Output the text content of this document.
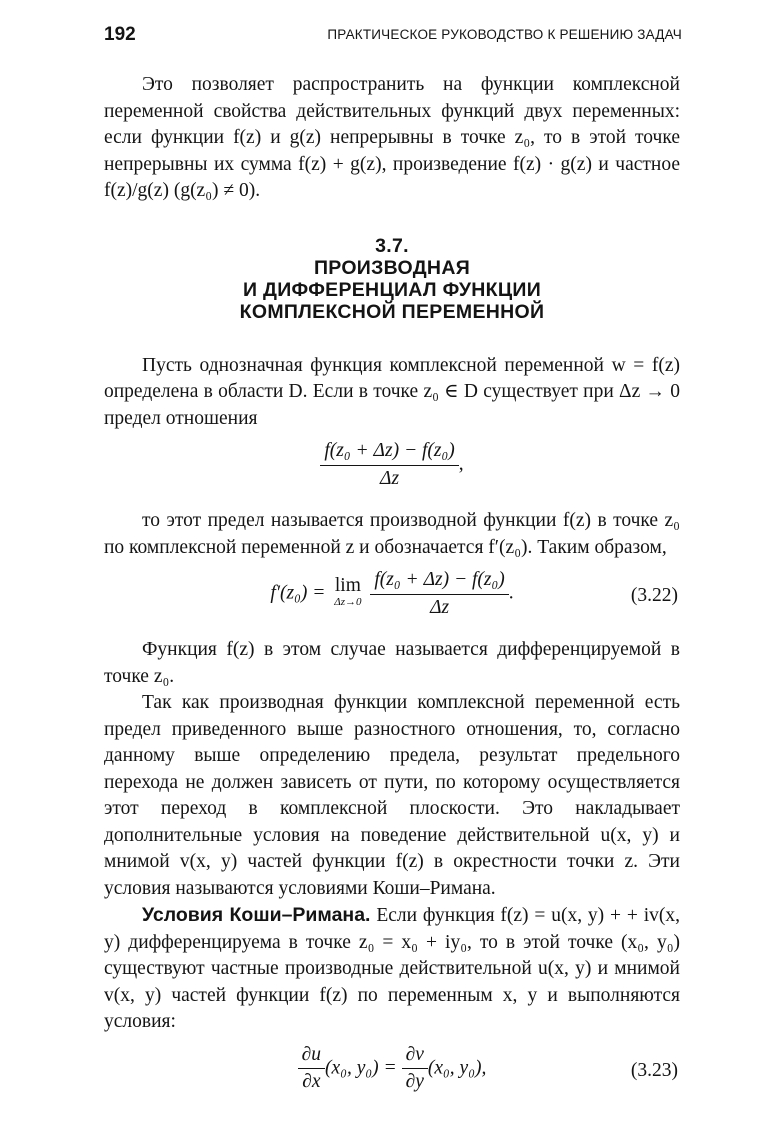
192	ПРАКТИЧЕСКОЕ РУКОВОДСТВО К РЕШЕНИЮ ЗАДАЧ

Это позволяет распространить на функции комплексной переменной свойства действительных функций двух переменных: если функции f(z) и g(z) непрерывны в точке z₀, то в этой точке непрерывны их сумма f(z) + g(z), произведение f(z) · g(z) и частное f(z)/g(z) (g(z₀) ≠ 0).

3.7.
ПРОИЗВОДНАЯ
И ДИФФЕРЕНЦИАЛ ФУНКЦИИ
КОМПЛЕКСНОЙ ПЕРЕМЕННОЙ

Пусть однозначная функция комплексной переменной w = f(z) определена в области D. Если в точке z₀ ∈ D существует при Δz → 0 предел отношения

$\frac{\text{f(z₀ + Δz) − f(z₀)}}{\Delta z}$ ,

то этот предел называется производной функции f(z) в точке z₀ по комплексной переменной z и обозначается f′(z₀). Таким образом,

f′(z₀) = lim
Δz→0
$\frac{\text{f(z₀ + Δz) − f(z₀)}}{\Delta z}$ .	(3.22)

Функция f(z) в этом случае называется дифференцируемой в точке z₀.

Так как производная функции комплексной переменной есть предел приведенного выше разностного отношения, то, согласно данному выше определению предела, результат предельного перехода не должен зависеть от пути, по которому осуществляется этот переход в комплексной плоскости. Это накладывает дополнительные условия на поведение действительной u(x, y) и мнимой v(x, y) частей функции f(z) в окрестности точки z. Эти условия называются условиями Коши–Римана.

Условия Коши–Римана. Если функция f(z) = u(x, y) + + iv(x, y) дифференцируема в точке z₀ = x₀ + iy₀, то в этой точке (x₀, y₀) существуют частные производные действительной u(x, y) и мнимой v(x, y) частей функции f(z) по переменным x, y и выполняются условия:

$\frac{\partial u}{\partial x} (x_0$, $y_0) = \frac{\partial v}{\partial y} (x_0$, y₀),	(3.23)
